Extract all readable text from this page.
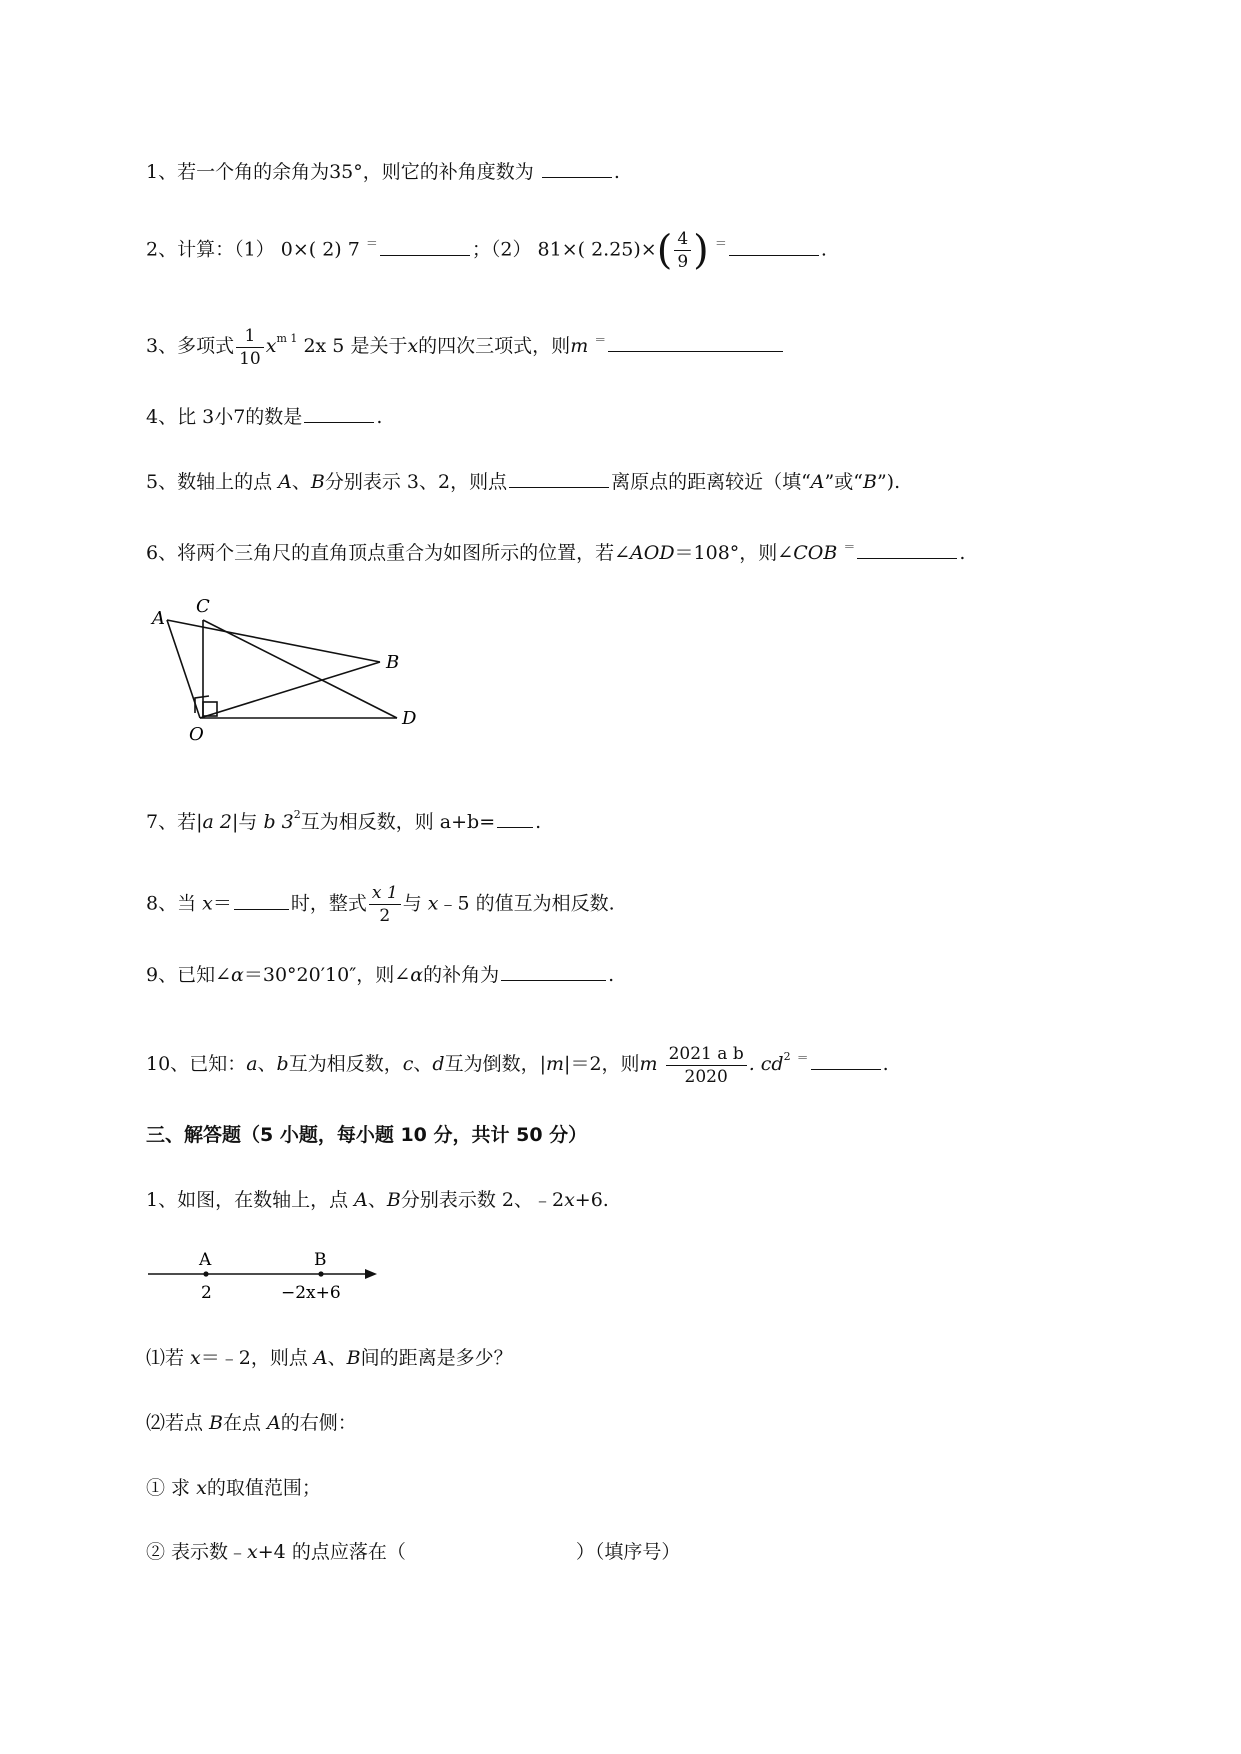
1、若一个角的余角为35°，则它的补角度数为	.
2、计算：（1） 0×( 2) 7 ＝	；（2） 81×( $2.25)\times( \frac{4}{9}$ ) ＝	.
3、多项式 $\frac{1}{10} x^{m 1}$ 2x 5 是关于x的四次三项式，则m ＝
4、比 3小7的数是	.
5、数轴上的点 A、B分别表示 3、2，则点	离原点的距离较近（填“A”或“B”).
6、将两个三角尺的直角顶点重合为如图所示的位置，若∠AOD＝108°，则∠COB ＝	.
A
C
B
O
D
7、若|a 2|与 b $3^2$互为相反数，则 a+b= .
8、当 x＝	时，整式 $\frac{x 1}{2}$ 与 x﹣5 的值互为相反数.
9、已知∠α＝30°20′10″，则∠α的补角为	.
10、已知：a、b互为相反数，c、d互为倒数，|m|＝2，则m $\frac{\text{2021 a b}}{2020}$ . $cd^2$ ＝	.
三、解答题（5 小题，每小题 10 分，共计 50 分）
1、如图，在数轴上，点 A、B分别表示数 2、﹣2x+6.
A	B
2	−2x+6
⑴若 x＝﹣2，则点 A、B间的距离是多少？
⑵若点 B在点 A的右侧：
① 求 x的取值范围；
② 表示数﹣x+4 的点应落在（	）（填序号）
